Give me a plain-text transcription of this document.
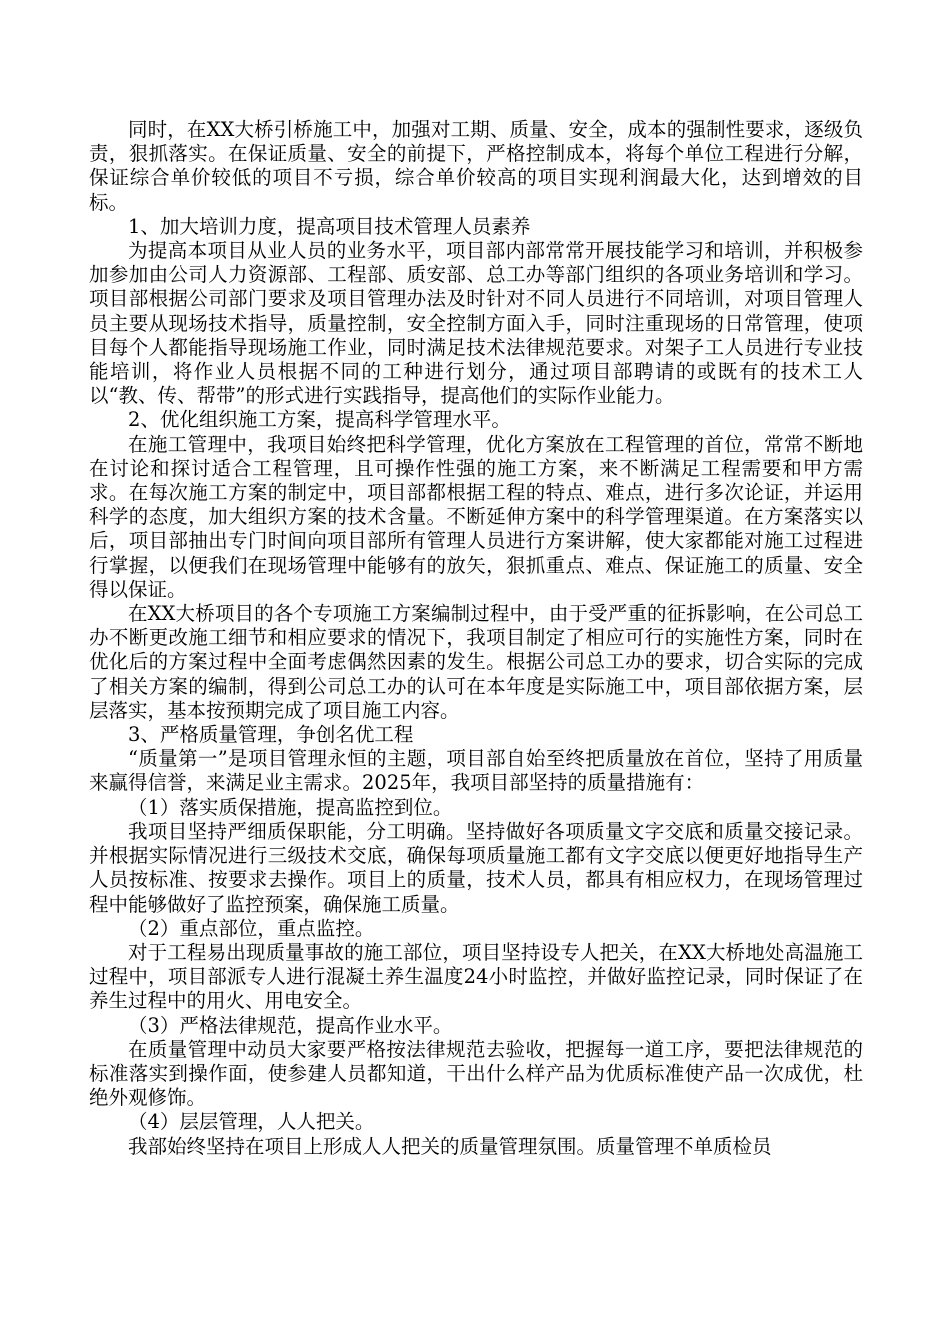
同时，在XX大桥引桥施工中，加强对工期、质量、安全，成本的强制性要求，逐级负责，狠抓落实。在保证质量、安全的前提下，严格控制成本，将每个单位工程进行分解，保证综合单价较低的项目不亏损，综合单价较高的项目实现利润最大化，达到增效的目标。

1、加大培训力度，提高项目技术管理人员素养

为提高本项目从业人员的业务水平，项目部内部常常开展技能学习和培训，并积极参加参加由公司人力资源部、工程部、质安部、总工办等部门组织的各项业务培训和学习。项目部根据公司部门要求及项目管理办法及时针对不同人员进行不同培训，对项目管理人员主要从现场技术指导，质量控制，安全控制方面入手，同时注重现场的日常管理，使项目每个人都能指导现场施工作业，同时满足技术法律规范要求。对架子工人员进行专业技能培训，将作业人员根据不同的工种进行划分，通过项目部聘请的或既有的技术工人以“教、传、帮带”的形式进行实践指导，提高他们的实际作业能力。

2、优化组织施工方案，提高科学管理水平。

在施工管理中，我项目始终把科学管理，优化方案放在工程管理的首位，常常不断地在讨论和探讨适合工程管理，且可操作性强的施工方案，来不断满足工程需要和甲方需求。在每次施工方案的制定中，项目部都根据工程的特点、难点，进行多次论证，并运用科学的态度，加大组织方案的技术含量。不断延伸方案中的科学管理渠道。在方案落实以后，项目部抽出专门时间向项目部所有管理人员进行方案讲解，使大家都能对施工过程进行掌握，以便我们在现场管理中能够有的放矢，狠抓重点、难点、保证施工的质量、安全得以保证。

在XX大桥项目的各个专项施工方案编制过程中，由于受严重的征拆影响，在公司总工办不断更改施工细节和相应要求的情况下，我项目制定了相应可行的实施性方案，同时在优化后的方案过程中全面考虑偶然因素的发生。根据公司总工办的要求，切合实际的完成了相关方案的编制，得到公司总工办的认可在本年度是实际施工中，项目部依据方案，层层落实，基本按预期完成了项目施工内容。

3、严格质量管理，争创名优工程

“质量第一”是项目管理永恒的主题，项目部自始至终把质量放在首位，坚持了用质量来赢得信誉，来满足业主需求。2025年，我项目部坚持的质量措施有：

（1）落实质保措施，提高监控到位。

我项目坚持严细质保职能，分工明确。坚持做好各项质量文字交底和质量交接记录。并根据实际情况进行三级技术交底，确保每项质量施工都有文字交底以便更好地指导生产人员按标准、按要求去操作。项目上的质量，技术人员，都具有相应权力，在现场管理过程中能够做好了监控预案，确保施工质量。

（2）重点部位，重点监控。

对于工程易出现质量事故的施工部位，项目坚持设专人把关，在XX大桥地处高温施工过程中，项目部派专人进行混凝土养生温度24小时监控，并做好监控记录，同时保证了在养生过程中的用火、用电安全。

（3）严格法律规范，提高作业水平。

在质量管理中动员大家要严格按法律规范去验收，把握每一道工序，要把法律规范的标准落实到操作面，使参建人员都知道，干出什么样产品为优质标准使产品一次成优，杜绝外观修饰。

（4）层层管理，人人把关。

我部始终坚持在项目上形成人人把关的质量管理氛围。质量管理不单质检员
